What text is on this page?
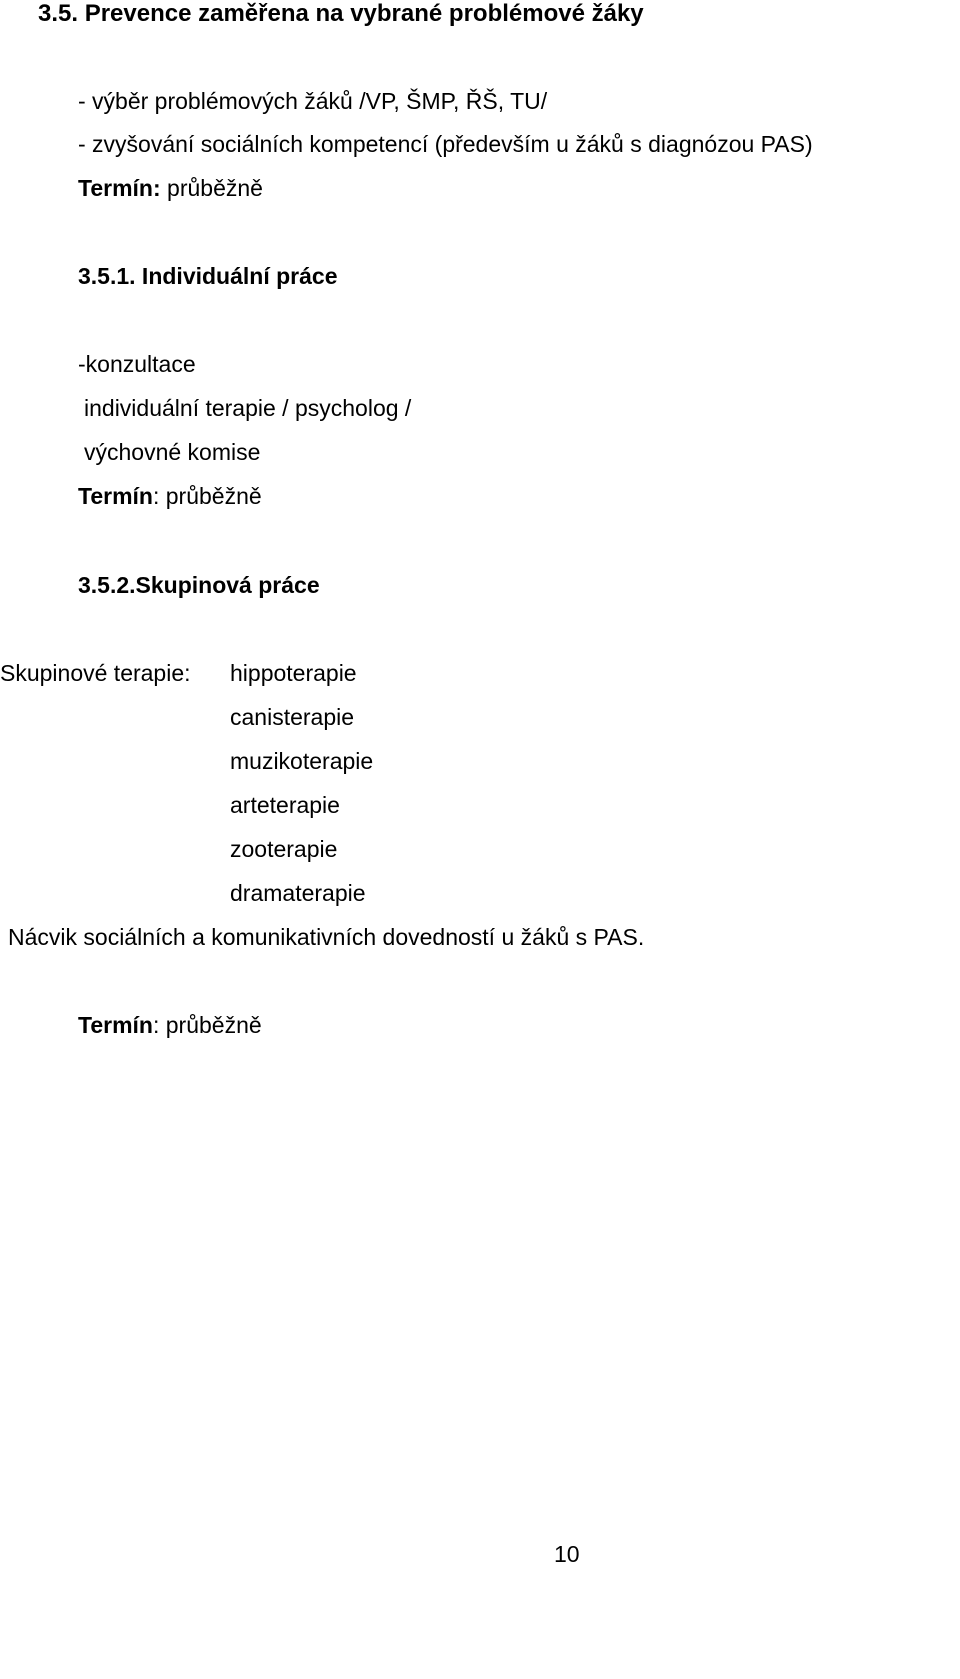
3.5. Prevence zaměřena na vybrané problémové žáky
- výběr problémových žáků /VP, ŠMP, ŘŠ, TU/
- zvyšování sociálních kompetencí (především u žáků s diagnózou PAS)
Termín: průběžně
3.5.1. Individuální práce
-konzultace
individuální terapie / psycholog /
výchovné komise
Termín: průběžně
3.5.2.Skupinová práce
Skupinové terapie: hippoterapie
canisterapie
muzikoterapie
arteterapie
zooterapie
dramaterapie
Nácvik sociálních a komunikativních dovedností u žáků s PAS.
Termín: průběžně
10
